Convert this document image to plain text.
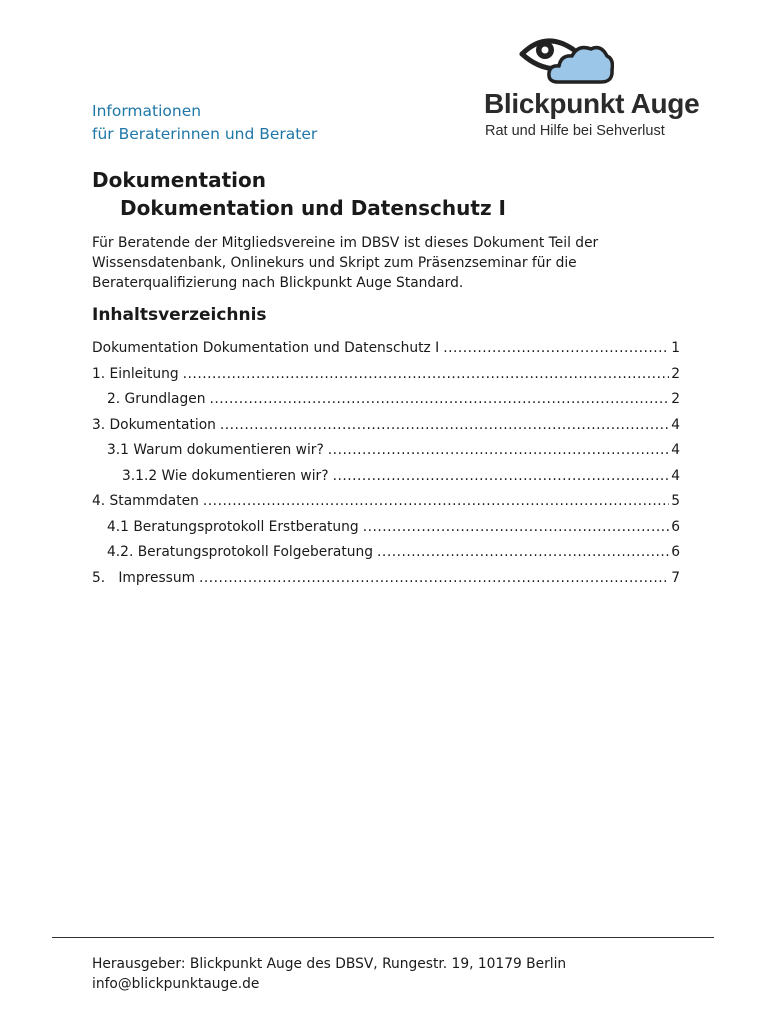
Informationen
für Beraterinnen und Berater
Blickpunkt Auge
Rat und Hilfe bei Sehverlust
Dokumentation
Dokumentation und Datenschutz I

Für Beratende der Mitgliedsvereine im DBSV ist dieses Dokument Teil der Wissensdatenbank, Onlinekurs und Skript zum Präsenzseminar für die Beraterqualifizierung nach Blickpunkt Auge Standard.

Inhaltsverzeichnis
Dokumentation Dokumentation und Datenschutz I .....	1
1. Einleitung .....	2
2. Grundlagen .....	2
3. Dokumentation .....	4
3.1 Warum dokumentieren wir? .....	4
3.1.2 Wie dokumentieren wir? .....	4
4. Stammdaten .....	5
4.1 Beratungsprotokoll Erstberatung .....	6
4.2. Beratungsprotokoll Folgeberatung .....	6
5.   Impressum .....	7
Herausgeber: Blickpunkt Auge des DBSV, Rungestr. 19, 10179 Berlin
info@blickpunktauge.de
